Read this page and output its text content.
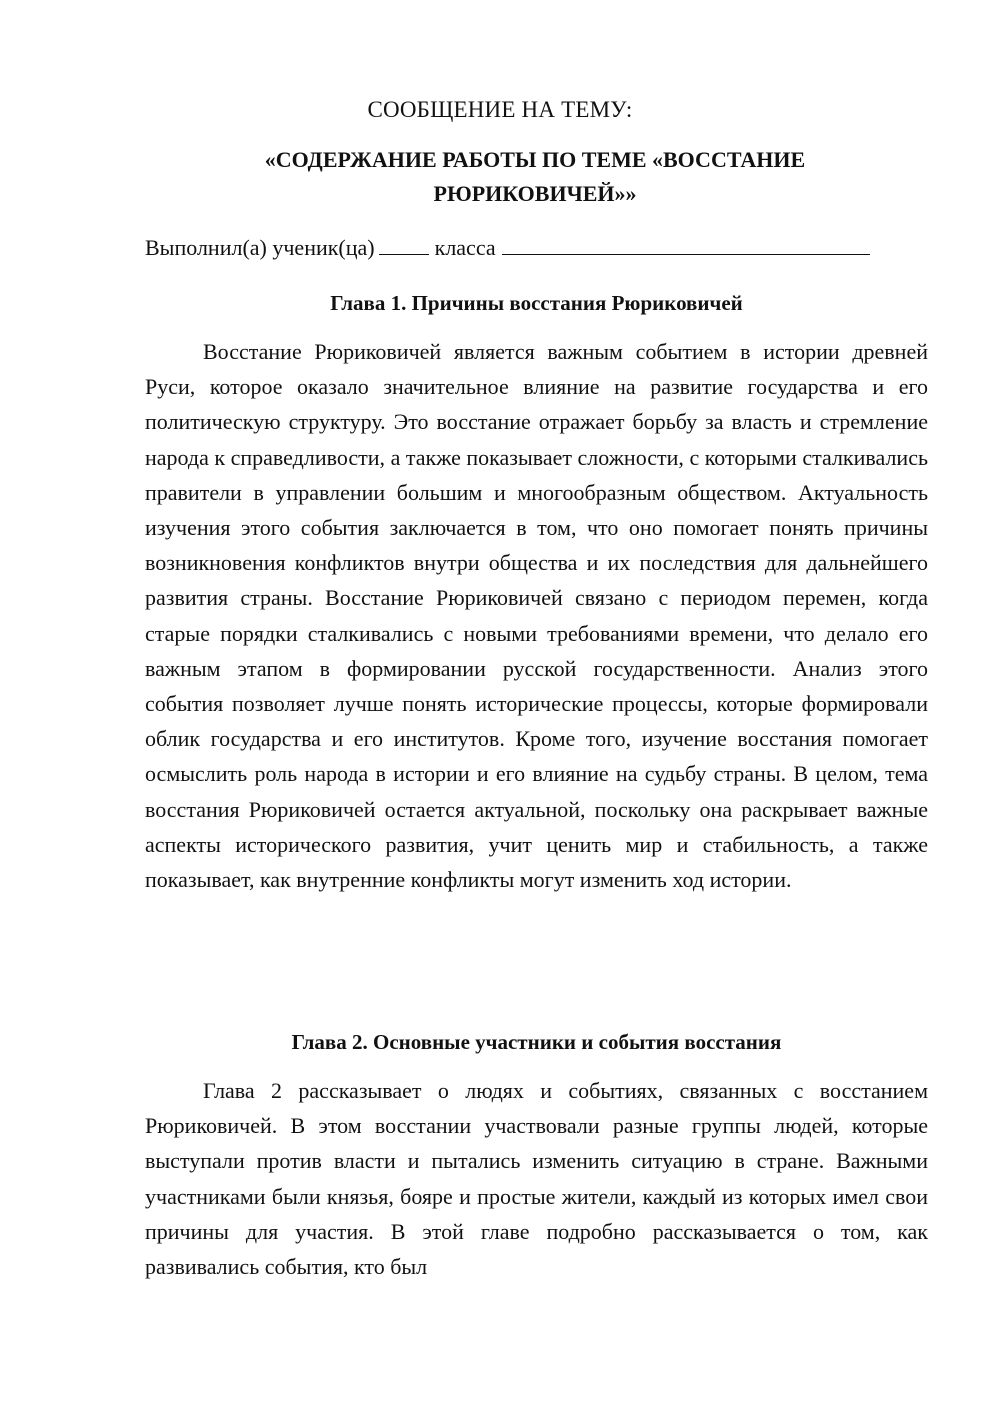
СООБЩЕНИЕ НА ТЕМУ:

«СОДЕРЖАНИЕ РАБОТЫ ПО ТЕМЕ «ВОССТАНИЕ РЮРИКОВИЧЕЙ»»

Выполнил(а) ученик(ца)	класса
Глава 1. Причины восстания Рюриковичей

Восстание Рюриковичей является важным событием в истории древней Руси, которое оказало значительное влияние на развитие государства и его политическую структуру. Это восстание отражает борьбу за власть и стремление народа к справедливости, а также показывает сложности, с которыми сталкивались правители в управлении большим и многообразным обществом. Актуальность изучения этого события заключается в том, что оно помогает понять причины возникновения конфликтов внутри общества и их последствия для дальнейшего развития страны. Восстание Рюриковичей связано с периодом перемен, когда старые порядки сталкивались с новыми требованиями времени, что делало его важным этапом в формировании русской государственности. Анализ этого события позволяет лучше понять исторические процессы, которые формировали облик государства и его институтов. Кроме того, изучение восстания помогает осмыслить роль народа в истории и его влияние на судьбу страны. В целом, тема восстания Рюриковичей остается актуальной, поскольку она раскрывает важные аспекты исторического развития, учит ценить мир и стабильность, а также показывает, как внутренние конфликты могут изменить ход истории.

Глава 2. Основные участники и события восстания

Глава 2 рассказывает о людях и событиях, связанных с восстанием Рюриковичей. В этом восстании участвовали разные группы людей, которые выступали против власти и пытались изменить ситуацию в стране. Важными участниками были князья, бояре и простые жители, каждый из которых имел свои причины для участия. В этой главе подробно рассказывается о том, как развивались события, кто был
